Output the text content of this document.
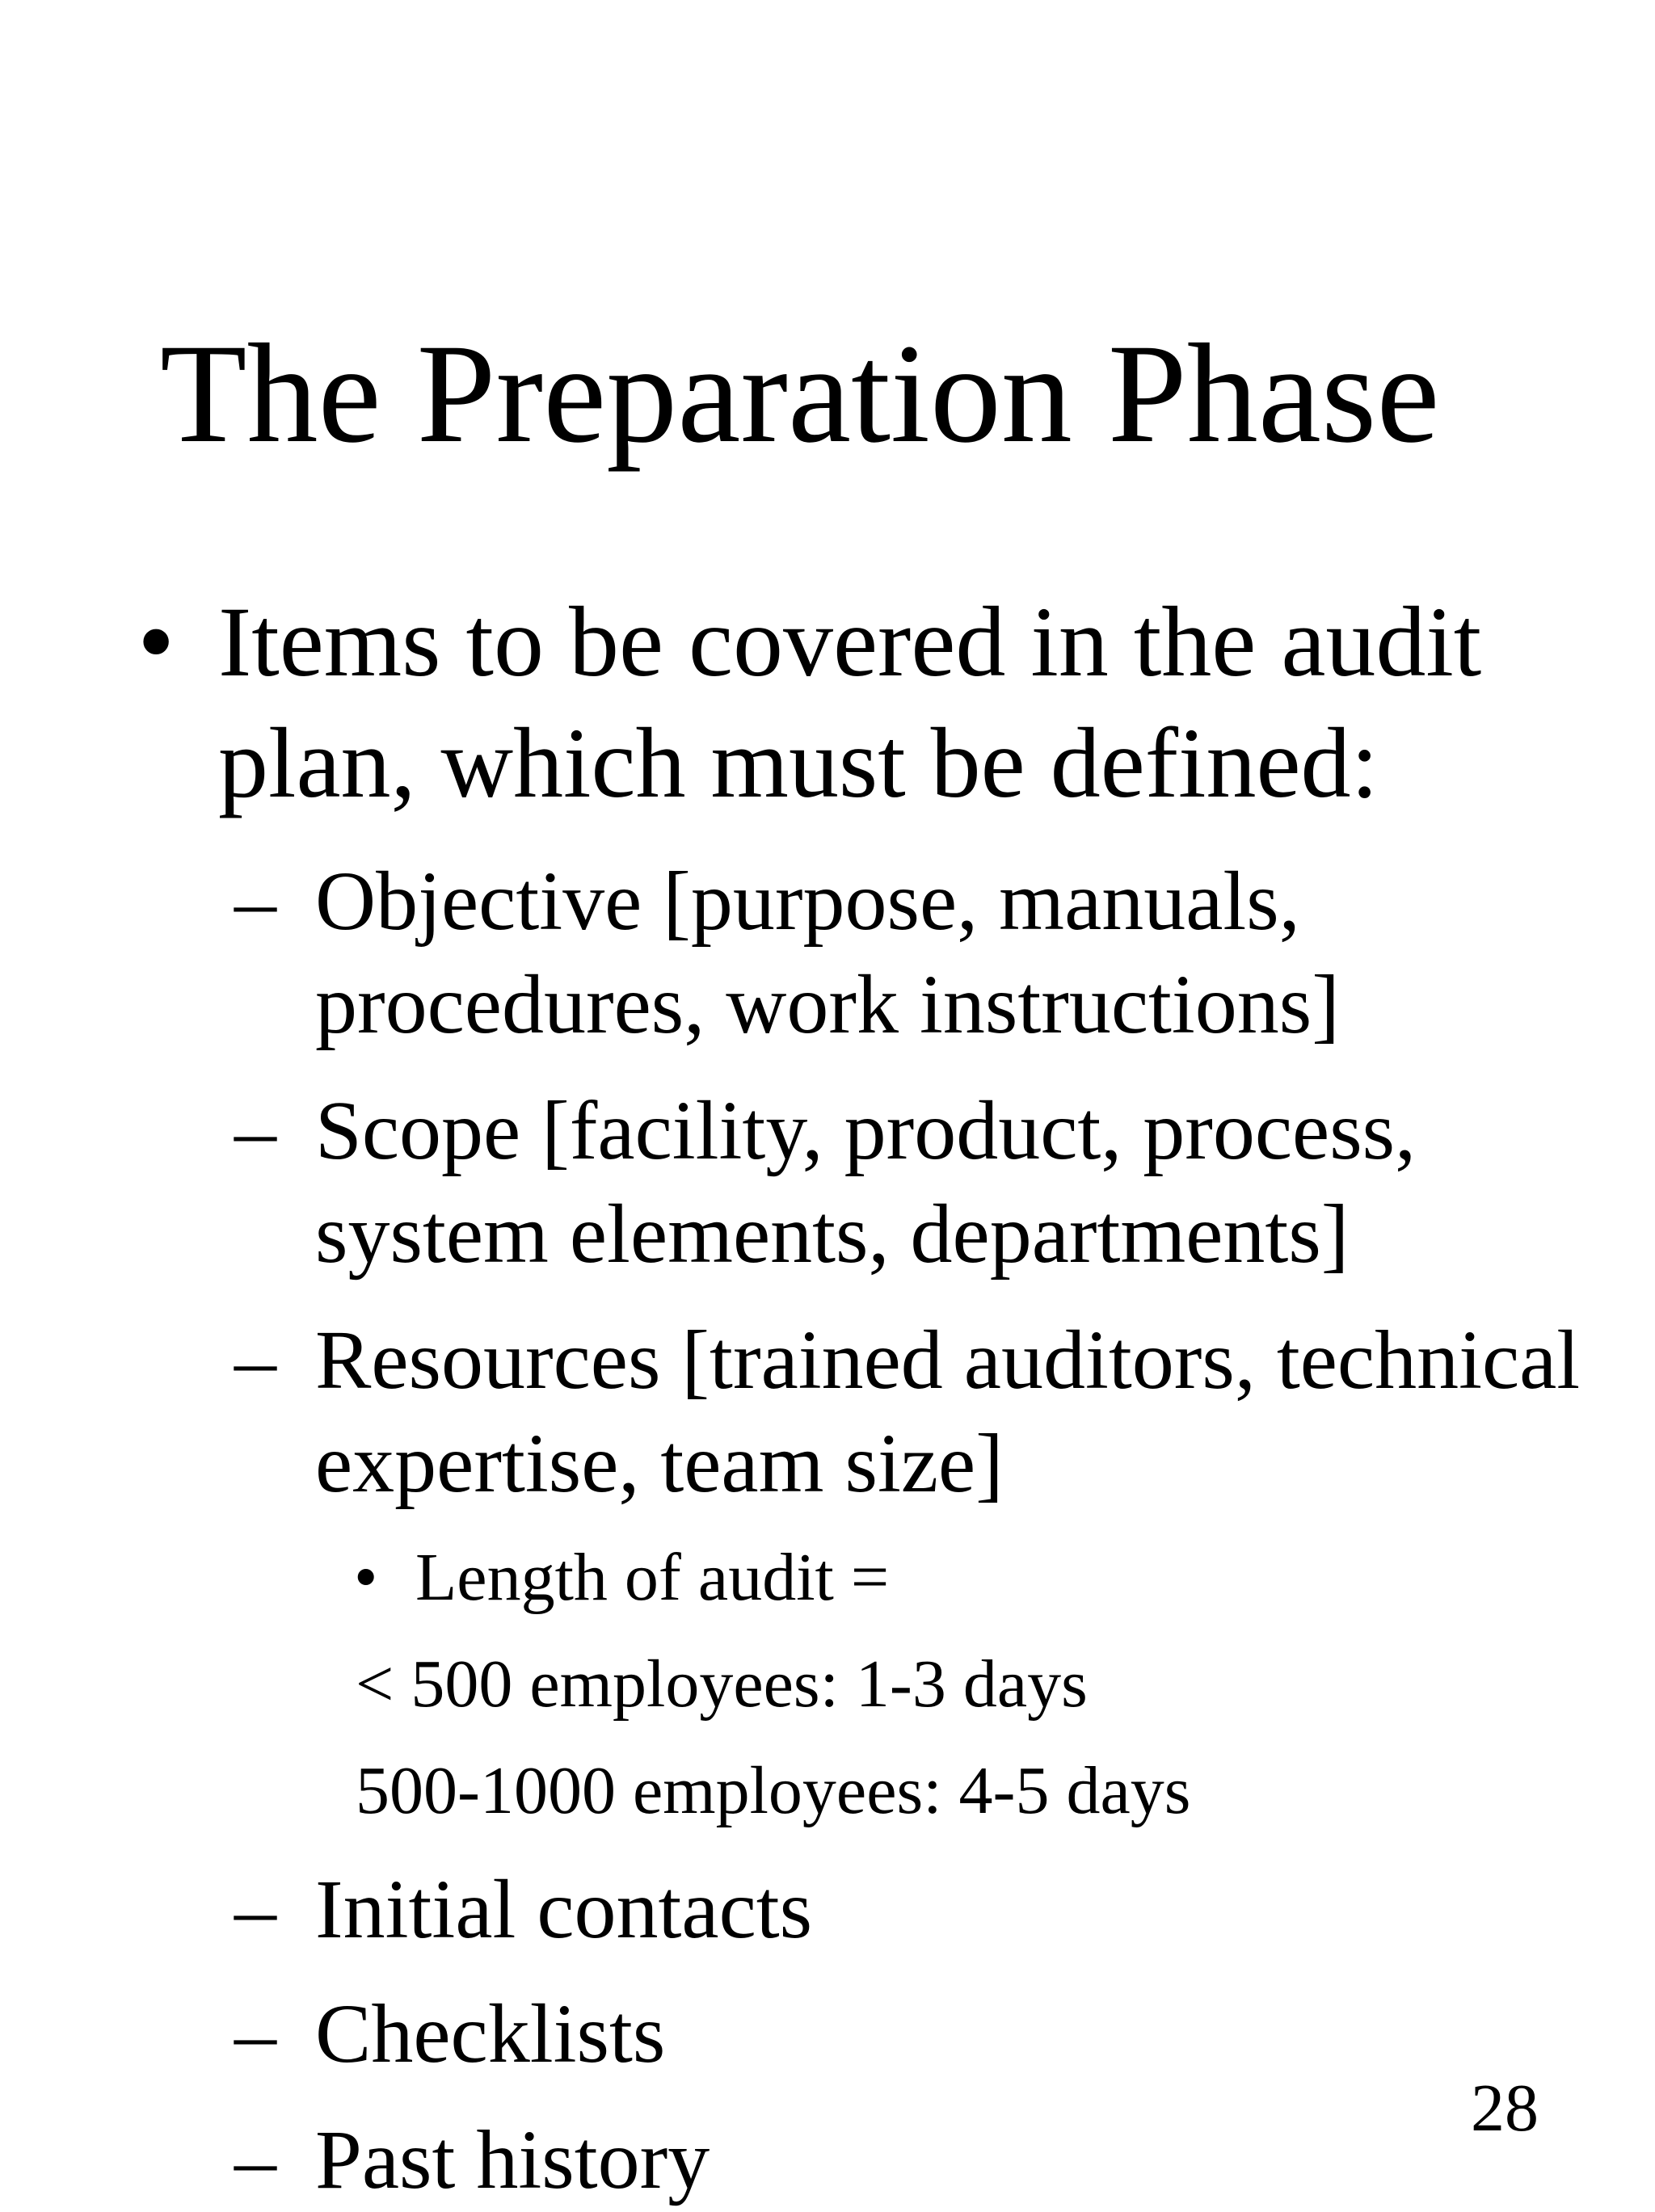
The Preparation Phase
• Items to be covered in the audit plan, which must be defined:
– Objective [purpose, manuals, procedures, work instructions]
– Scope [facility, product, process, system elements, departments]
– Resources [trained auditors, technical expertise, team size]
• Length of audit =
< 500 employees: 1-3 days
500-1000 employees: 4-5 days
– Initial contacts
– Checklists
– Past history
28
